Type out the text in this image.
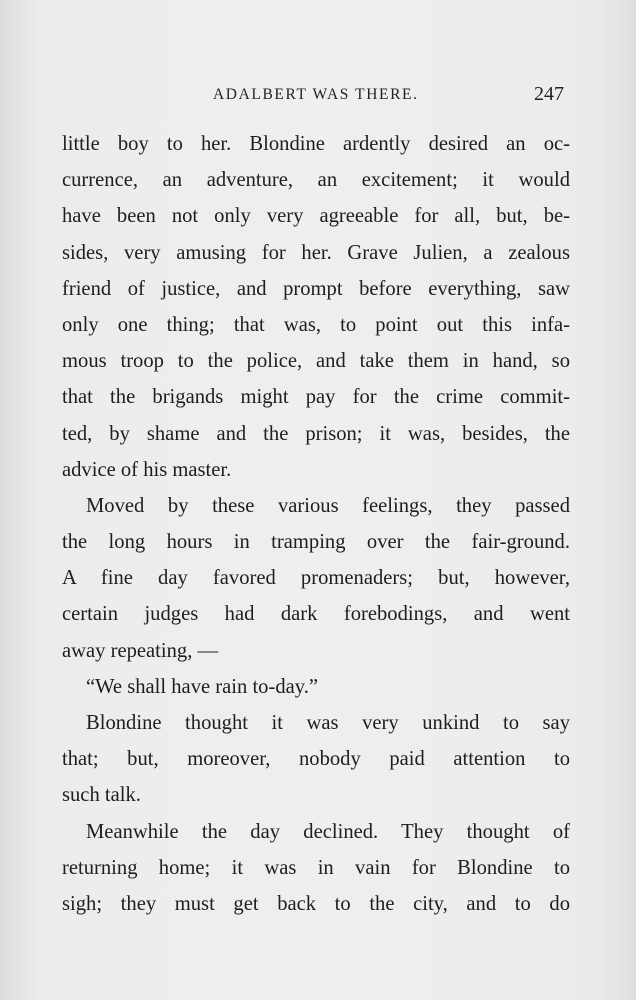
ADALBERT WAS THERE.	247
little boy to her. Blondine ardently desired an oc-
currence, an adventure, an excitement; it would
have been not only very agreeable for all, but, be-
sides, very amusing for her. Grave Julien, a zealous
friend of justice, and prompt before everything, saw
only one thing; that was, to point out this infa-
mous troop to the police, and take them in hand, so
that the brigands might pay for the crime commit-
ted, by shame and the prison; it was, besides, the
advice of his master.
Moved by these various feelings, they passed
the long hours in tramping over the fair-ground.
A fine day favored promenaders; but, however,
certain judges had dark forebodings, and went
away repeating, —
“We shall have rain to-day.”
Blondine thought it was very unkind to say
that; but, moreover, nobody paid attention to
such talk.
Meanwhile the day declined. They thought of
returning home; it was in vain for Blondine to
sigh; they must get back to the city, and to do
